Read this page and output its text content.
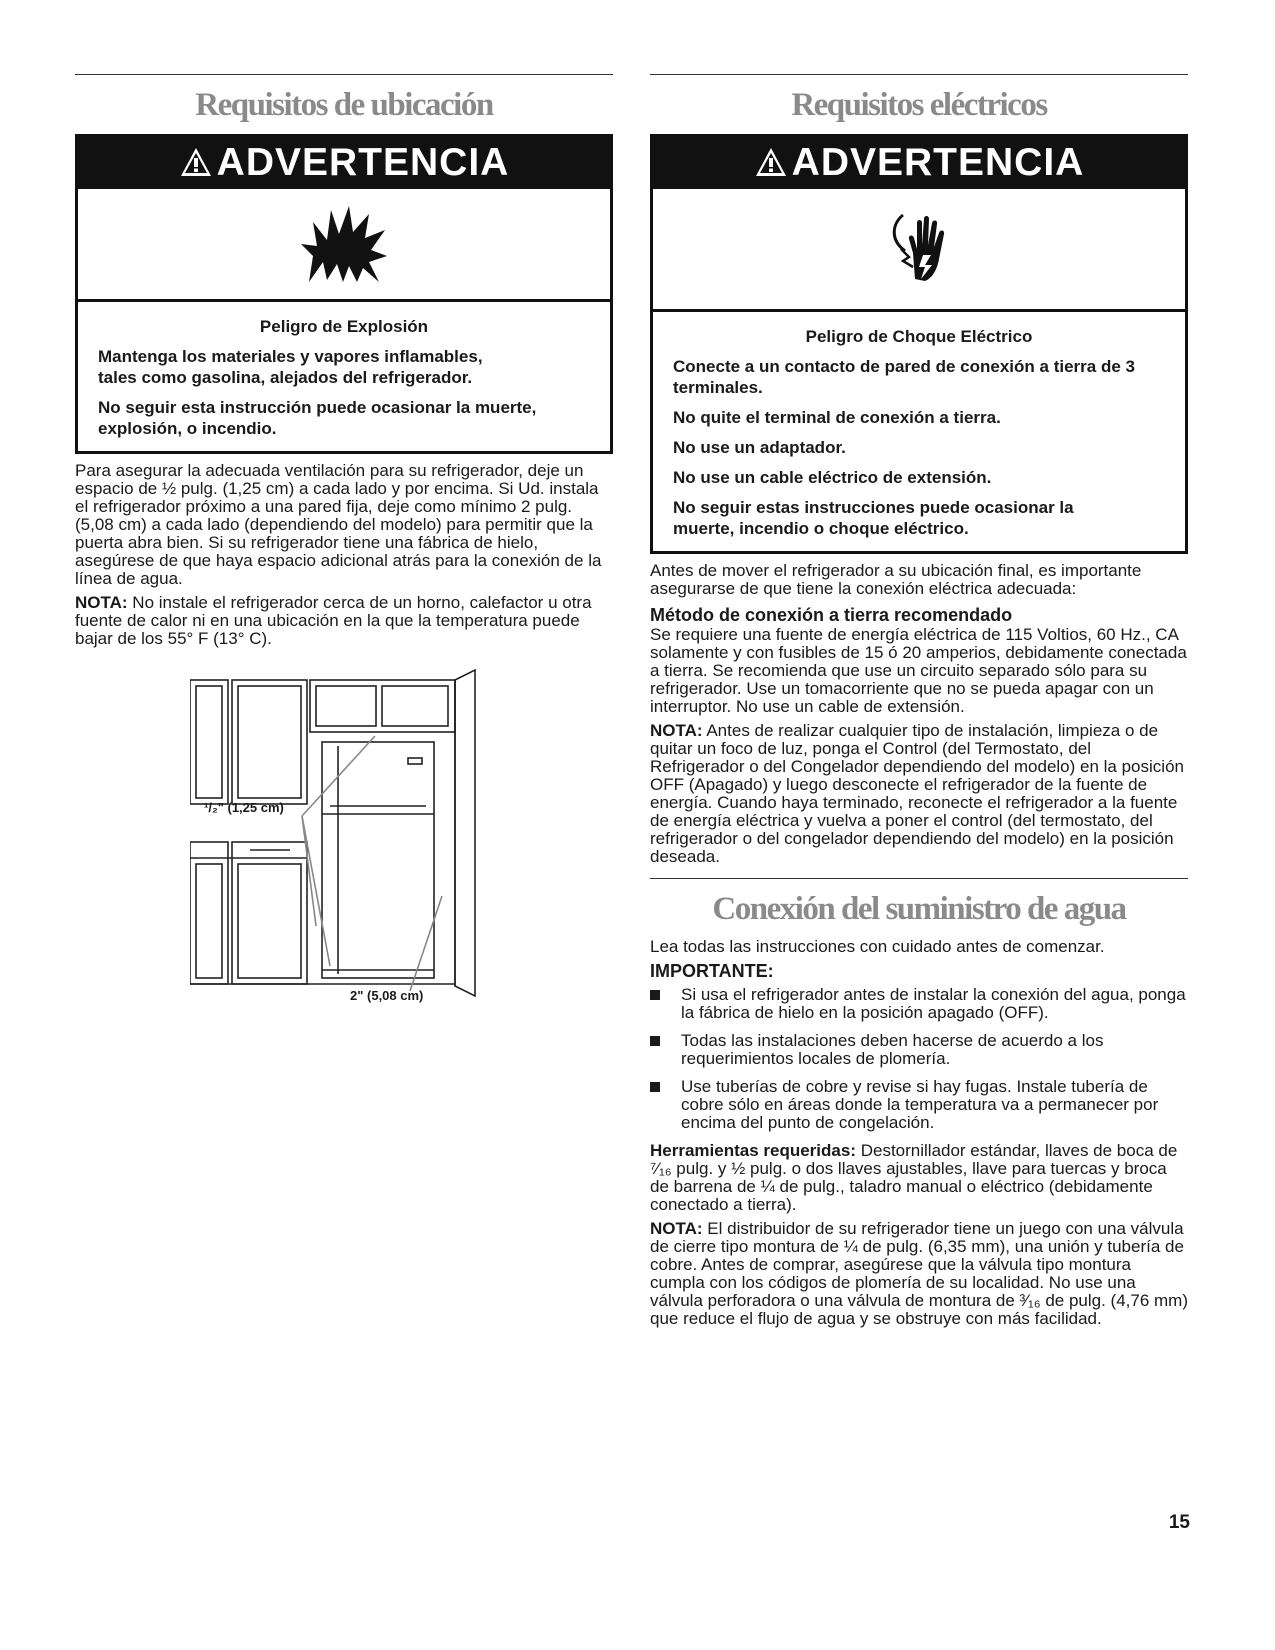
Requisitos de ubicación
ADVERTENCIA
Peligro de Explosión

Mantenga los materiales y vapores inflamables, tales como gasolina, alejados del refrigerador.

No seguir esta instrucción puede ocasionar la muerte, explosión, o incendio.

Para asegurar la adecuada ventilación para su refrigerador, deje un espacio de ½ pulg. (1,25 cm) a cada lado y por encima. Si Ud. instala el refrigerador próximo a una pared fija, deje como mínimo 2 pulg. (5,08 cm) a cada lado (dependiendo del modelo) para permitir que la puerta abra bien. Si su refrigerador tiene una fábrica de hielo, asegúrese de que haya espacio adicional atrás para la conexión de la línea de agua.

NOTA: No instale el refrigerador cerca de un horno, calefactor u otra fuente de calor ni en una ubicación en la que la temperatura puede bajar de los 55° F (13° C).

¹/₂" (1,25 cm)
2" (5,08 cm)
Requisitos eléctricos
ADVERTENCIA
Peligro de Choque Eléctrico

Conecte a un contacto de pared de conexión a tierra de 3 terminales.

No quite el terminal de conexión a tierra.

No use un adaptador.

No use un cable eléctrico de extensión.

No seguir estas instrucciones puede ocasionar la muerte, incendio o choque eléctrico.

Antes de mover el refrigerador a su ubicación final, es importante asegurarse de que tiene la conexión eléctrica adecuada:

Método de conexión a tierra recomendado

Se requiere una fuente de energía eléctrica de 115 Voltios, 60 Hz., CA solamente y con fusibles de 15 ó 20 amperios, debidamente conectada a tierra. Se recomienda que use un circuito separado sólo para su refrigerador. Use un tomacorriente que no se pueda apagar con un interruptor. No use un cable de extensión.

NOTA: Antes de realizar cualquier tipo de instalación, limpieza o de quitar un foco de luz, ponga el Control (del Termostato, del Refrigerador o del Congelador dependiendo del modelo) en la posición OFF (Apagado) y luego desconecte el refrigerador de la fuente de energía. Cuando haya terminado, reconecte el refrigerador a la fuente de energía eléctrica y vuelva a poner el control (del termostato, del refrigerador o del congelador dependiendo del modelo) en la posición deseada.

Conexión del suministro de agua

Lea todas las instrucciones con cuidado antes de comenzar.

IMPORTANTE:
Si usa el refrigerador antes de instalar la conexión del agua, ponga la fábrica de hielo en la posición apagado (OFF).
Todas las instalaciones deben hacerse de acuerdo a los requerimientos locales de plomería.
Use tuberías de cobre y revise si hay fugas. Instale tubería de cobre sólo en áreas donde la temperatura va a permanecer por encima del punto de congelación.

Herramientas requeridas: Destornillador estándar, llaves de boca de ⁷⁄₁₆ pulg. y ½ pulg. o dos llaves ajustables, llave para tuercas y broca de barrena de ¼ de pulg., taladro manual o eléctrico (debidamente conectado a tierra).

NOTA: El distribuidor de su refrigerador tiene un juego con una válvula de cierre tipo montura de ¼ de pulg. (6,35 mm), una unión y tubería de cobre. Antes de comprar, asegúrese que la válvula tipo montura cumpla con los códigos de plomería de su localidad. No use una válvula perforadora o una válvula de montura de ³⁄₁₆ de pulg. (4,76 mm) que reduce el flujo de agua y se obstruye con más facilidad.

15
